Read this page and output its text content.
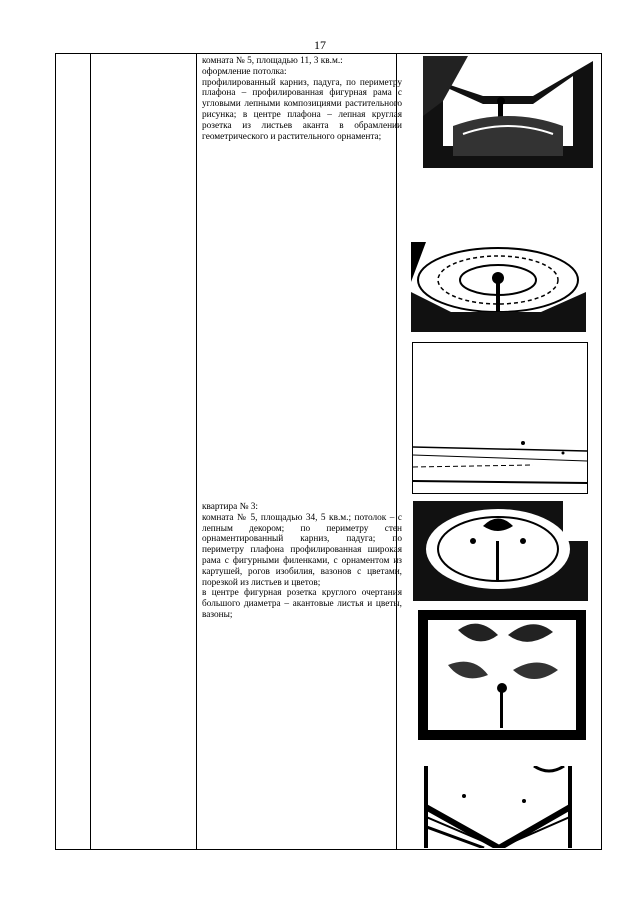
17

комната № 5, площадью 11, 3 кв.м.:

оформление потолка:

профилированный карниз, падуга, по периметру плафона – профилированная фигурная рама с угловыми лепными композициями растительного рисунка; в центре плафона – лепная круглая розетка из листьев аканта в обрамлении геометрического и растительного орнамента;

квартира № 3:

комната № 5, площадью 34, 5 кв.м.; потолок – с лепным декором; по периметру стен орнаментированный карниз, падуга; по периметру плафона профилированная широкая рама с фигурными филенками, с орнаментом из картушей, рогов изобилия, вазонов с цветами, порезкой из листьев и цветов;

в центре фигурная розетка круглого очертания большого диаметра – акантовые листья и цветы, вазоны;
